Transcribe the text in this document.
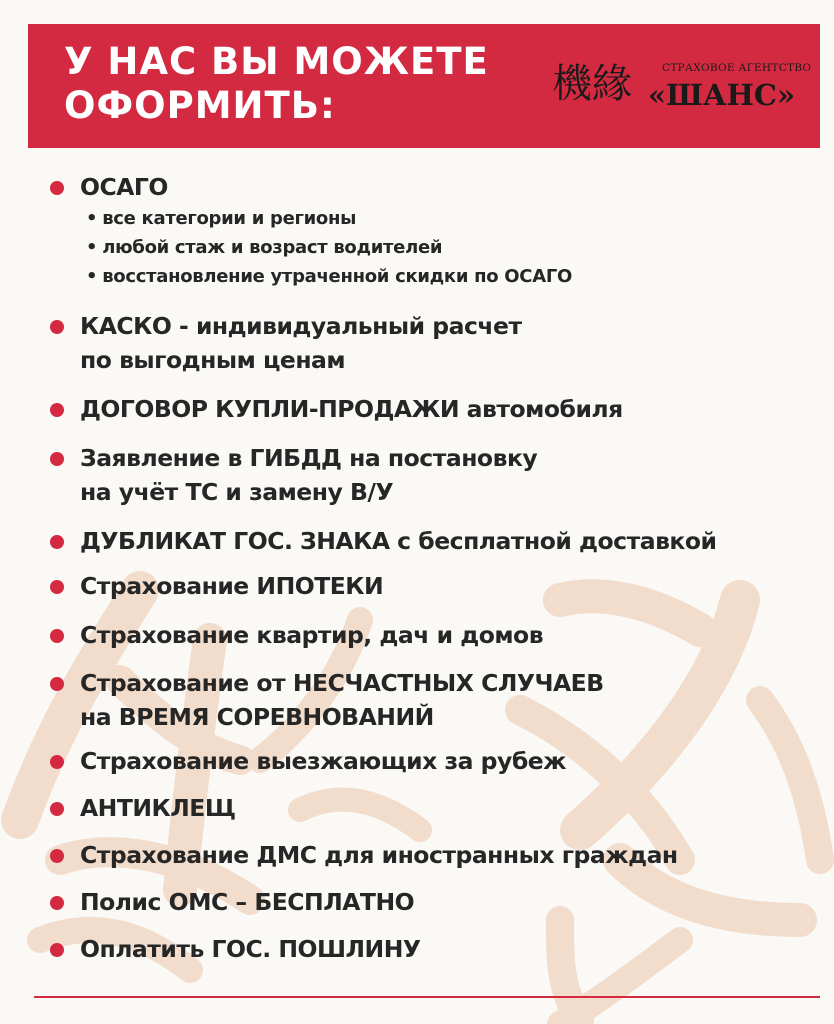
У НАС ВЫ МОЖЕТЕ
ОФОРМИТЬ:	機緣	СТРАХОВОЕ АГЕНТСТВО
«ШАНС»
ОСАГО
• все категории и регионы
• любой стаж и возраст водителей
• восстановление утраченной скидки по ОСАГО
КАСКО - индивидуальный расчет
по выгодным ценам
ДОГОВОР КУПЛИ-ПРОДАЖИ автомобиля
Заявление в ГИБДД на постановку
на учёт ТС и замену В/У
ДУБЛИКАТ ГОС. ЗНАКА с бесплатной доставкой
Страхование ИПОТЕКИ
Страхование квартир, дач и домов
Страхование от НЕСЧАСТНЫХ СЛУЧАЕВ
на ВРЕМЯ СОРЕВНОВАНИЙ
Страхование выезжающих за рубеж
АНТИКЛЕЩ
Страхование ДМС для иностранных граждан
Полис ОМС – БЕСПЛАТНО
Оплатить ГОС. ПОШЛИНУ
